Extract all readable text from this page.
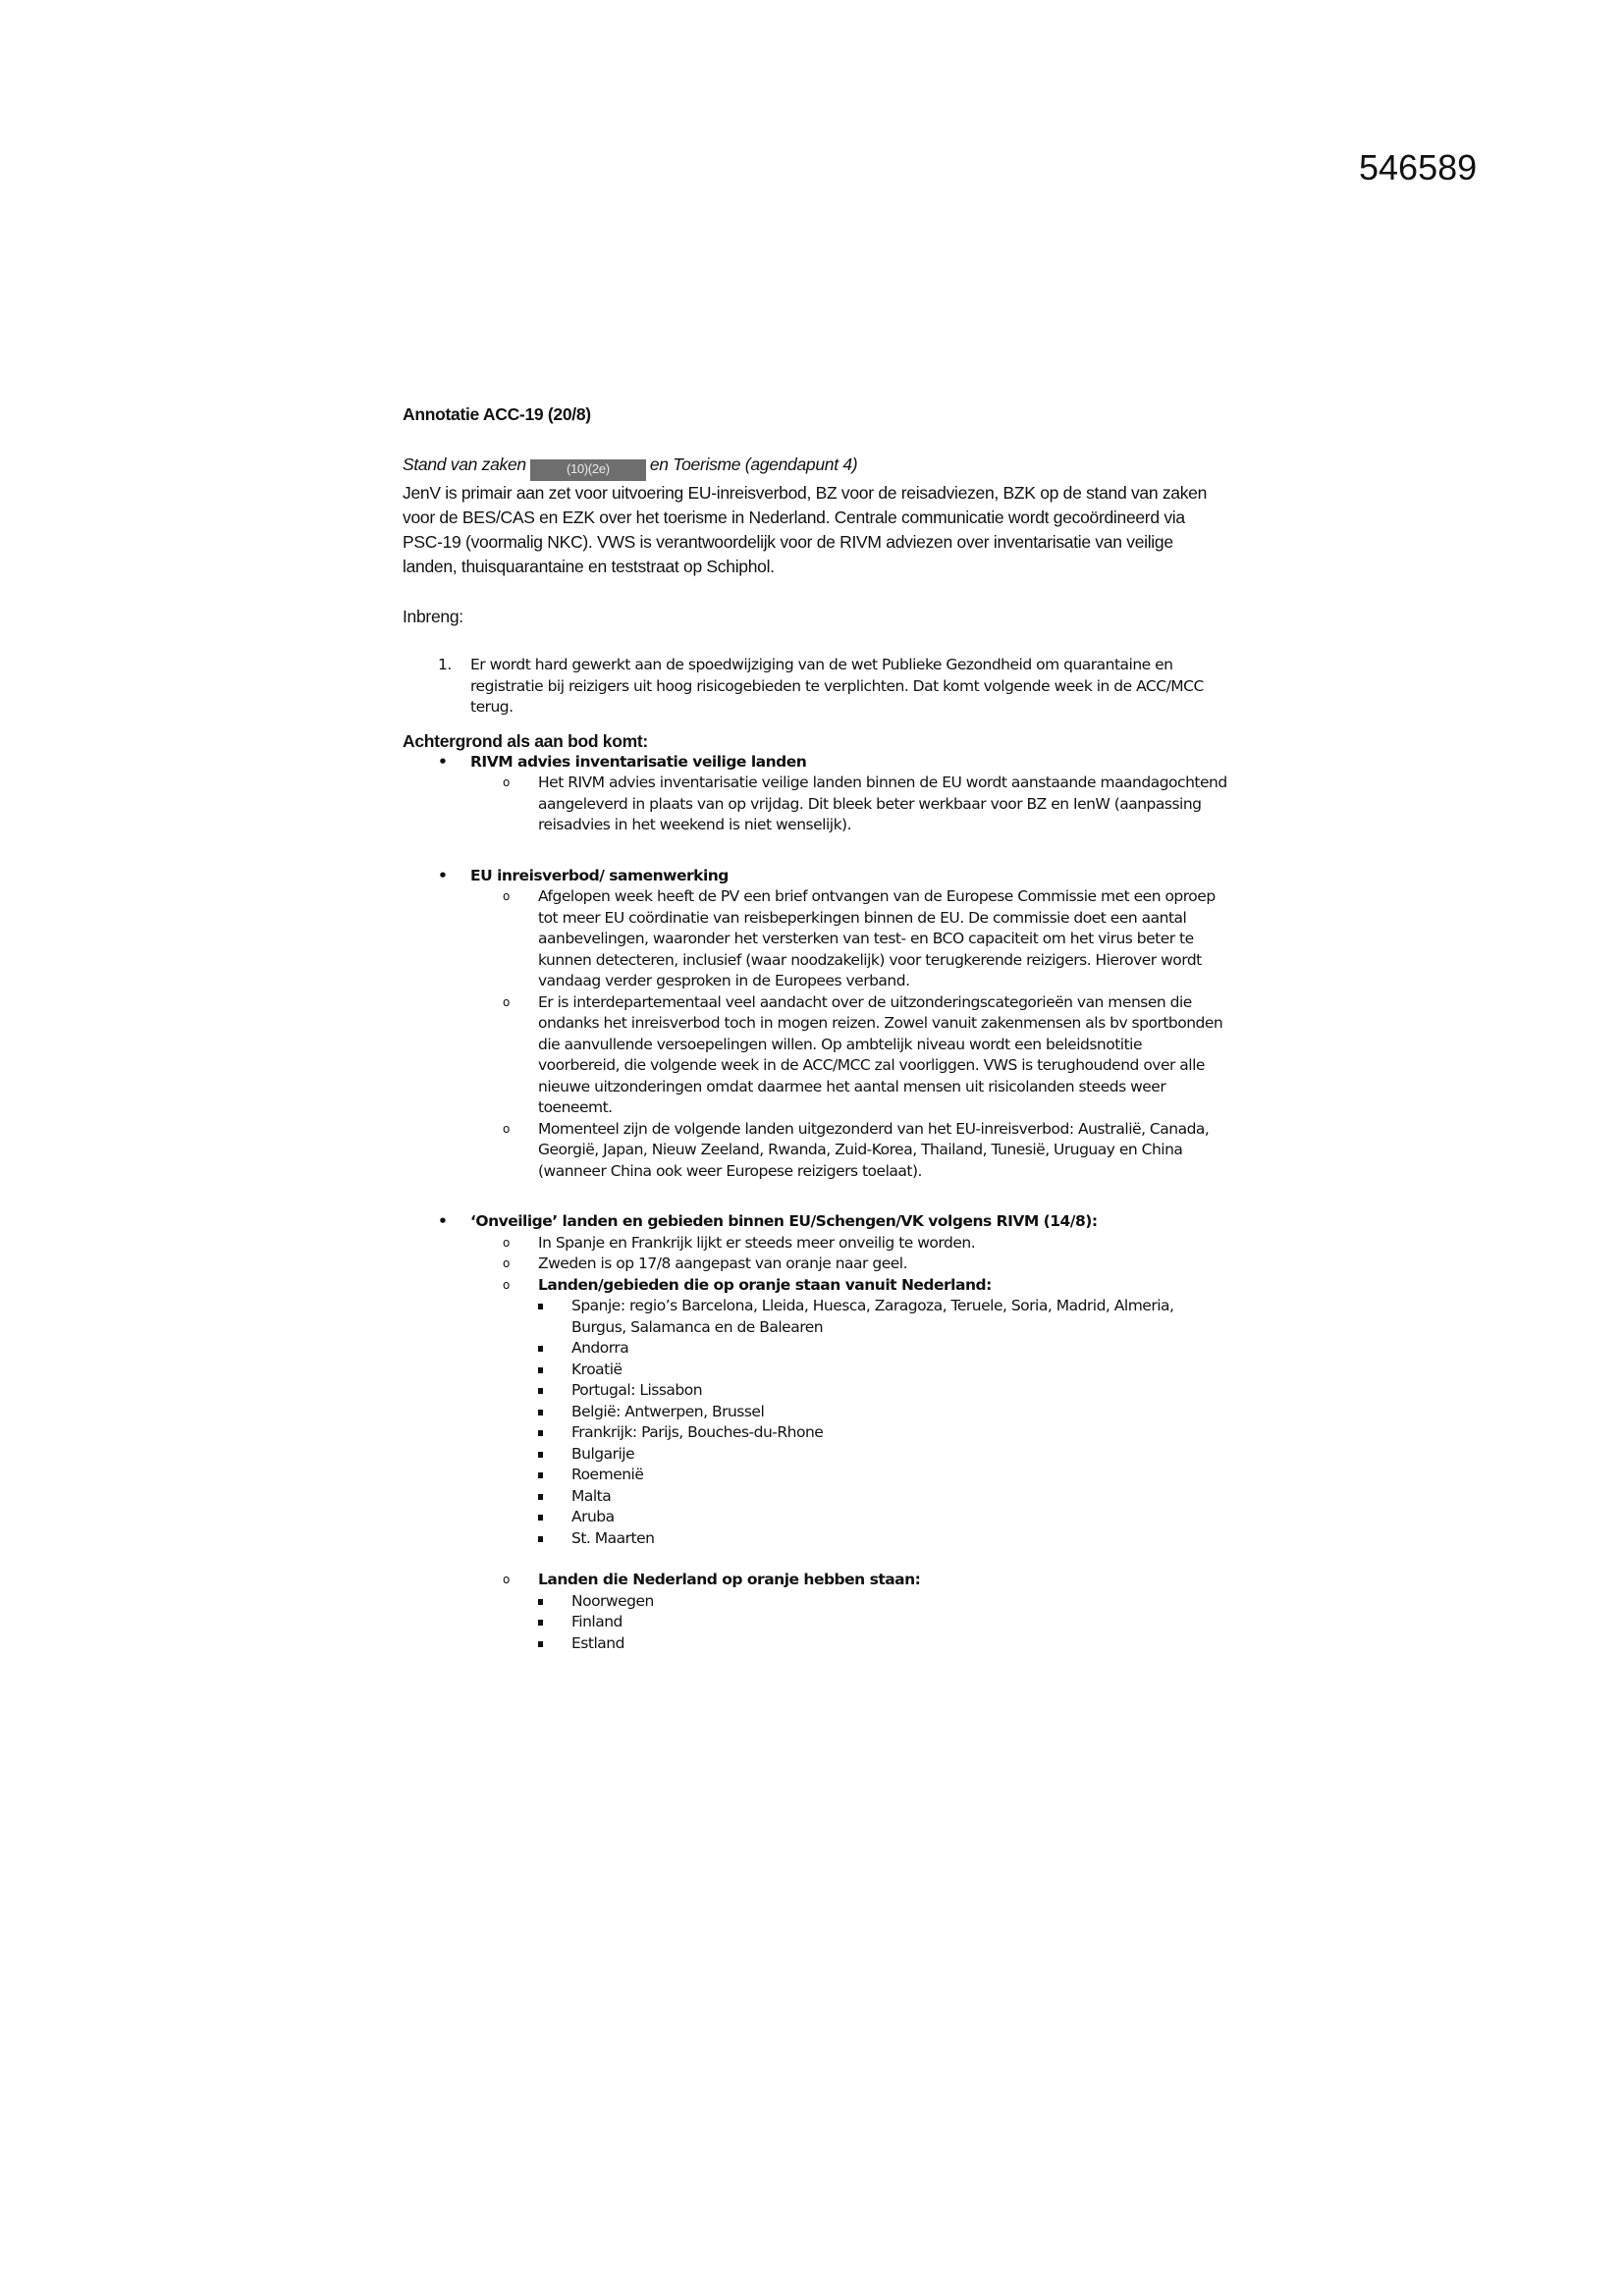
546589
Annotatie ACC-19 (20/8)
Stand van zaken	(10)(2e) en Toerisme (agendapunt 4)
JenV is primair aan zet voor uitvoering EU-inreisverbod, BZ voor de reisadviezen, BZK op de stand van zaken voor de BES/CAS en EZK over het toerisme in Nederland. Centrale communicatie wordt gecoördineerd via PSC-19 (voormalig NKC). VWS is verantwoordelijk voor de RIVM adviezen over inventarisatie van veilige landen, thuisquarantaine en teststraat op Schiphol.
Inbreng:
1. Er wordt hard gewerkt aan de spoedwijziging van de wet Publieke Gezondheid om quarantaine en registratie bij reizigers uit hoog risicogebieden te verplichten. Dat komt volgende week in de ACC/MCC terug.
Achtergrond als aan bod komt:
• RIVM advies inventarisatie veilige landen
o Het RIVM advies inventarisatie veilige landen binnen de EU wordt aanstaande maandagochtend aangeleverd in plaats van op vrijdag. Dit bleek beter werkbaar voor BZ en IenW (aanpassing reisadvies in het weekend is niet wenselijk).
• EU inreisverbod/ samenwerking
o Afgelopen week heeft de PV een brief ontvangen van de Europese Commissie met een oproep tot meer EU coördinatie van reisbeperkingen binnen de EU. De commissie doet een aantal aanbevelingen, waaronder het versterken van test- en BCO capaciteit om het virus beter te kunnen detecteren, inclusief (waar noodzakelijk) voor terugkerende reizigers. Hierover wordt vandaag verder gesproken in de Europees verband.
o Er is interdepartementaal veel aandacht over de uitzonderingscategorieën van mensen die ondanks het inreisverbod toch in mogen reizen. Zowel vanuit zakenmensen als bv sportbonden die aanvullende versoepelingen willen. Op ambtelijk niveau wordt een beleidsnotitie voorbereid, die volgende week in de ACC/MCC zal voorliggen. VWS is terughoudend over alle nieuwe uitzonderingen omdat daarmee het aantal mensen uit risicolanden steeds weer toeneemt.
o Momenteel zijn de volgende landen uitgezonderd van het EU-inreisverbod: Australië, Canada, Georgië, Japan, Nieuw Zeeland, Rwanda, Zuid-Korea, Thailand, Tunesië, Uruguay en China (wanneer China ook weer Europese reizigers toelaat).
• ‘Onveilige’ landen en gebieden binnen EU/Schengen/VK volgens RIVM (14/8):
o In Spanje en Frankrijk lijkt er steeds meer onveilig te worden.
o Zweden is op 17/8 aangepast van oranje naar geel.
o Landen/gebieden die op oranje staan vanuit Nederland:
Spanje: regio’s Barcelona, Lleida, Huesca, Zaragoza, Teruele, Soria, Madrid, Almeria, Burgus, Salamanca en de Balearen
Andorra
Kroatië
Portugal: Lissabon
België: Antwerpen, Brussel
Frankrijk: Parijs, Bouches-du-Rhone
Bulgarije
Roemenië
Malta
Aruba
St. Maarten
o Landen die Nederland op oranje hebben staan:
Noorwegen
Finland
Estland
